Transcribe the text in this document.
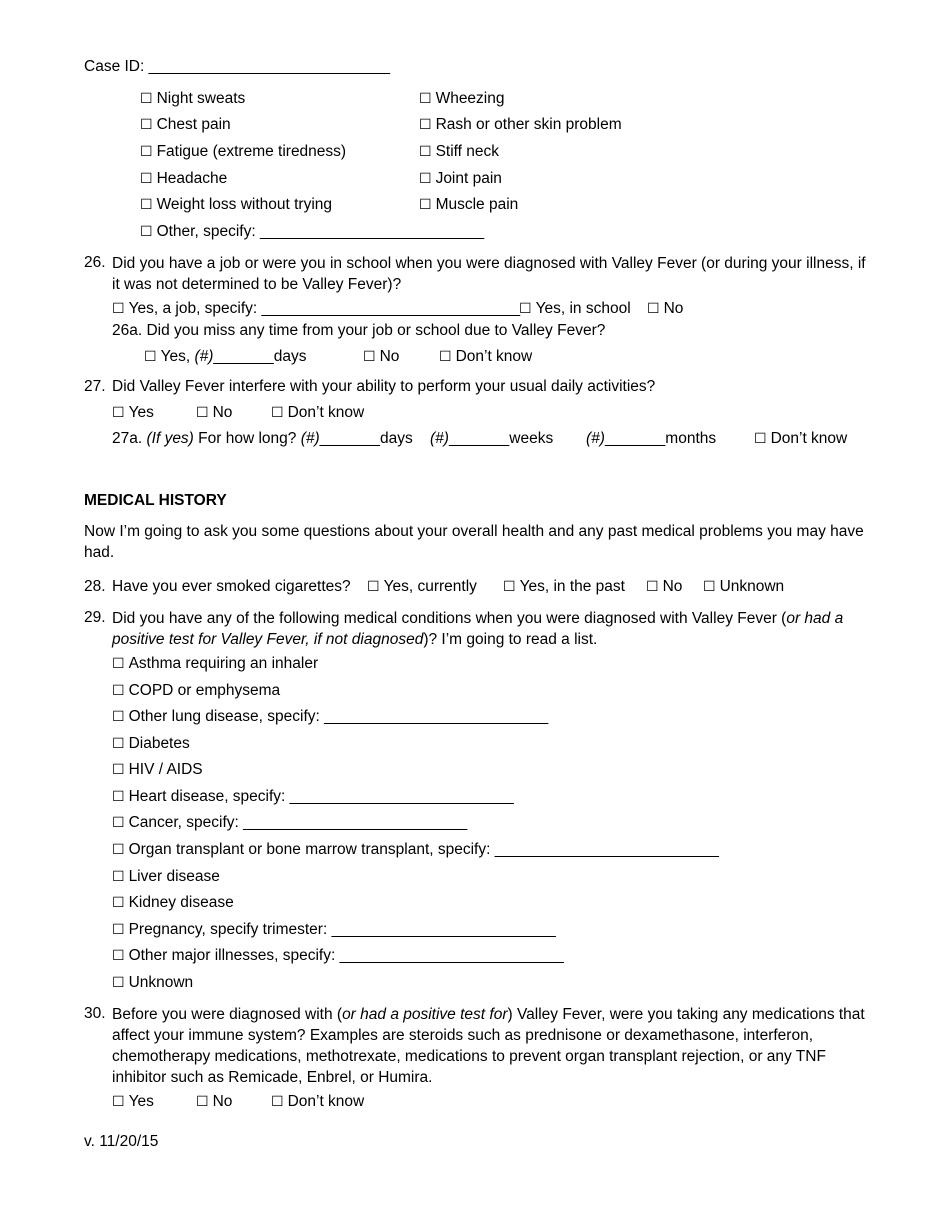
Case ID: ____________________________
☐ Night sweats
☐ Chest pain
☐ Fatigue (extreme tiredness)
☐ Headache
☐ Weight loss without trying
☐ Other, specify: __________________________
☐ Wheezing
☐ Rash or other skin problem
☐ Stiff neck
☐ Joint pain
☐ Muscle pain
26. Did you have a job or were you in school when you were diagnosed with Valley Fever (or during your illness, if it was not determined to be Valley Fever)?
☐ Yes, a job, specify: ______________________________
☐ Yes, in school ☐ No
26a. Did you miss any time from your job or school due to Valley Fever?
☐ Yes, (#)_______days	☐ No	☐ Don’t know
27. Did Valley Fever interfere with your ability to perform your usual daily activities?
☐ Yes	☐ No	☐ Don’t know
27a. (If yes) For how long? (#)_______days (#)_______weeks (#)_______months	☐ Don’t know
MEDICAL HISTORY
Now I’m going to ask you some questions about your overall health and any past medical problems you may have had.
28. Have you ever smoked cigarettes? ☐ Yes, currently ☐ Yes, in the past ☐ No ☐ Unknown
29. Did you have any of the following medical conditions when you were diagnosed with Valley Fever (or had a positive test for Valley Fever, if not diagnosed)? I’m going to read a list.
☐ Asthma requiring an inhaler
☐ COPD or emphysema
☐ Other lung disease, specify: __________________________
☐ Diabetes
☐ HIV / AIDS
☐ Heart disease, specify: __________________________
☐ Cancer, specify: __________________________
☐ Organ transplant or bone marrow transplant, specify: __________________________
☐ Liver disease
☐ Kidney disease
☐ Pregnancy, specify trimester: __________________________
☐ Other major illnesses, specify: __________________________
☐ Unknown
30. Before you were diagnosed with (or had a positive test for) Valley Fever, were you taking any medications that affect your immune system? Examples are steroids such as prednisone or dexamethasone, interferon, chemotherapy medications, methotrexate, medications to prevent organ transplant rejection, or any TNF inhibitor such as Remicade, Enbrel, or Humira.
☐ Yes	☐ No	☐ Don’t know
v. 11/20/15
